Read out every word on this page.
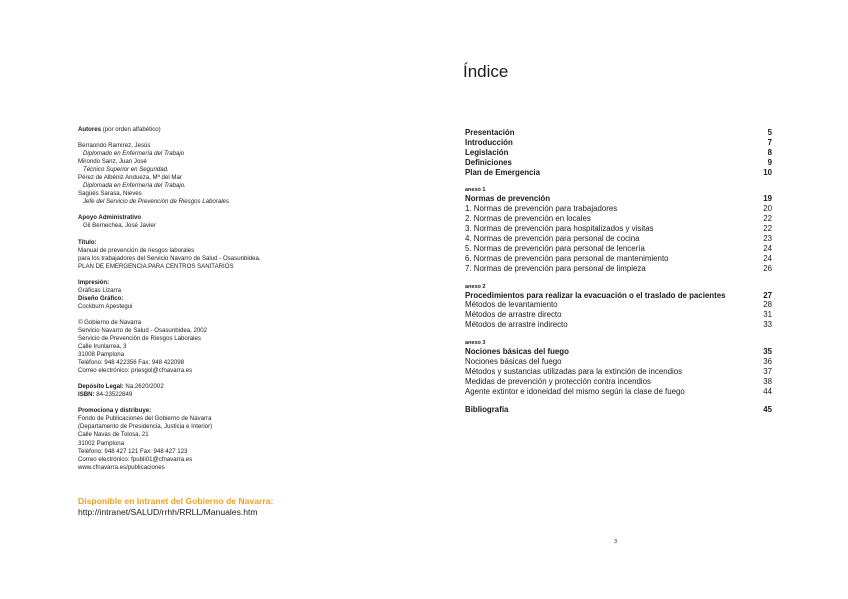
Autores (por orden alfabético)
Berraondo Ramírez, Jesús
Diplomado en Enfermería del Trabajo
Mirondo Sanz, Juan José
Técnico Superior en Seguridad.
Pérez de Albéniz Andueza, Mª del Mar
Diplomada en Enfermería del Trabajo.
Sagüés Sarasa, Nieves
Jefe del Servicio de Prevención de Riesgos Laborales
Apoyo Administrativo
Gil Bernechea, José Javier
Título:
Manual de prevención de riesgos laborales
para los trabajadores del Servicio Navarro de Salud - Osasunbidea.
PLAN DE EMERGENCIA PARA CENTROS SANITARIOS
Impresión:
Gráficas Lizarra
Diseño Gráfico:
Cockburn Apestegui
© Gobierno de Navarra
Servicio Navarro de Salud - Osasunbidea, 2002
Servicio de Prevención de Riesgos Laborales
Calle Irunlarrea, 3
31008 Pamplona
Teléfono: 948 422356 Fax: 948 422098
Correo electrónico: priesgol@cfnavarra.es
Depósito Legal: Na.2620/2002
ISBN: 84-23522849
Promociona y distribuye:
Fondo de Publicaciones del Gobierno de Navarra
(Departamento de Presidencia, Justicia e Interior)
Calle Navas de Tolosa, 21
31002 Pamplona
Teléfono: 948 427 121 Fax: 948 427 123
Correo electrónico: fpubli01@cfnavarra.es
www.cfnavarra.es/publicaciones
Disponible en Intranet del Gobierno de Navarra:
http://intranet/SALUD/rrhh/RRLL/Manuales.htm
Índice
Presentación	5
Introducción	7
Legislación	8
Definiciones	9
Plan de Emergencia	10
anexo 1
Normas de prevención	19
1. Normas de prevención para trabajadores	20
2. Normas de prevención en locales	22
3. Normas de prevención para hospitalizados y visitas	22
4. Normas de prevención para personal de cocina	23
5. Normas de prevención para personal de lencería	24
6. Normas de prevención para personal de mantenimiento	24
7. Normas de prevención para personal de limpieza	26
anexo 2
Procedimientos para realizar la evacuación o el traslado de pacientes	27
Métodos de levantamiento	28
Métodos de arrastre directo	31
Métodos de arrastre indirecto	33
anexo 3
Nociones básicas del fuego	35
Nociones básicas del fuego	36
Métodos y sustancias utilizadas para la extinción de incendios	37
Medidas de prevención y protección contra incendios	38
Agente extintor e idoneidad del mismo según la clase de fuego	44
Bibliografía	45
3
